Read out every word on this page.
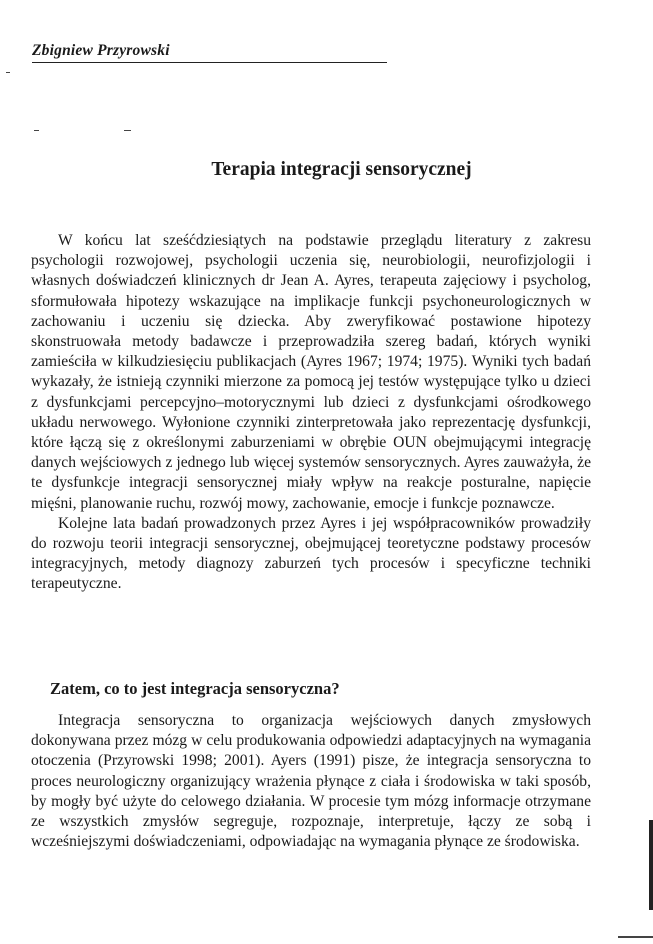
Zbigniew Przyrowski
Terapia integracji sensorycznej

W końcu lat sześćdziesiątych na podstawie przeglądu literatury z zakresu psychologii rozwojowej, psychologii uczenia się, neurobiologii, neurofizjologii i własnych doświadczeń klinicznych dr Jean A. Ayres, terapeuta zajęciowy i psycholog, sformułowała hipotezy wskazujące na implikacje funkcji psychoneurologicznych w zachowaniu i uczeniu się dziecka. Aby zweryfikować postawione hipotezy skonstruowała metody badawcze i przeprowadziła szereg badań, których wyniki zamieściła w kilkudziesięciu publikacjach (Ayres 1967; 1974; 1975). Wyniki tych badań wykazały, że istnieją czynniki mierzone za pomocą jej testów występujące tylko u dzieci z dysfunkcjami percepcyjno–motorycznymi lub dzieci z dysfunkcjami ośrodkowego układu nerwowego. Wyłonione czynniki zinterpretowała jako reprezentację dysfunkcji, które łączą się z określonymi zaburzeniami w obrębie OUN obejmującymi integrację danych wejściowych z jednego lub więcej systemów sensorycznych. Ayres zauważyła, że te dysfunkcje integracji sensorycznej miały wpływ na reakcje posturalne, napięcie mięśni, planowanie ruchu, rozwój mowy, zachowanie, emocje i funkcje poznawcze.

Kolejne lata badań prowadzonych przez Ayres i jej współpracowników prowadziły do rozwoju teorii integracji sensorycznej, obejmującej teoretyczne podstawy procesów integracyjnych, metody diagnozy zaburzeń tych procesów i specyficzne techniki terapeutyczne.

Zatem, co to jest integracja sensoryczna?

Integracja sensoryczna to organizacja wejściowych danych zmysłowych dokonywana przez mózg w celu produkowania odpowiedzi adaptacyjnych na wymagania otoczenia (Przyrowski 1998; 2001). Ayers (1991) pisze, że integracja sensoryczna to proces neurologiczny organizujący wrażenia płynące z ciała i środowiska w taki sposób, by mogły być użyte do celowego działania. W procesie tym mózg informacje otrzymane ze wszystkich zmysłów segreguje, rozpoznaje, interpretuje, łączy ze sobą i wcześniejszymi doświadczeniami, odpowiadając na wymagania płynące ze środowiska.
